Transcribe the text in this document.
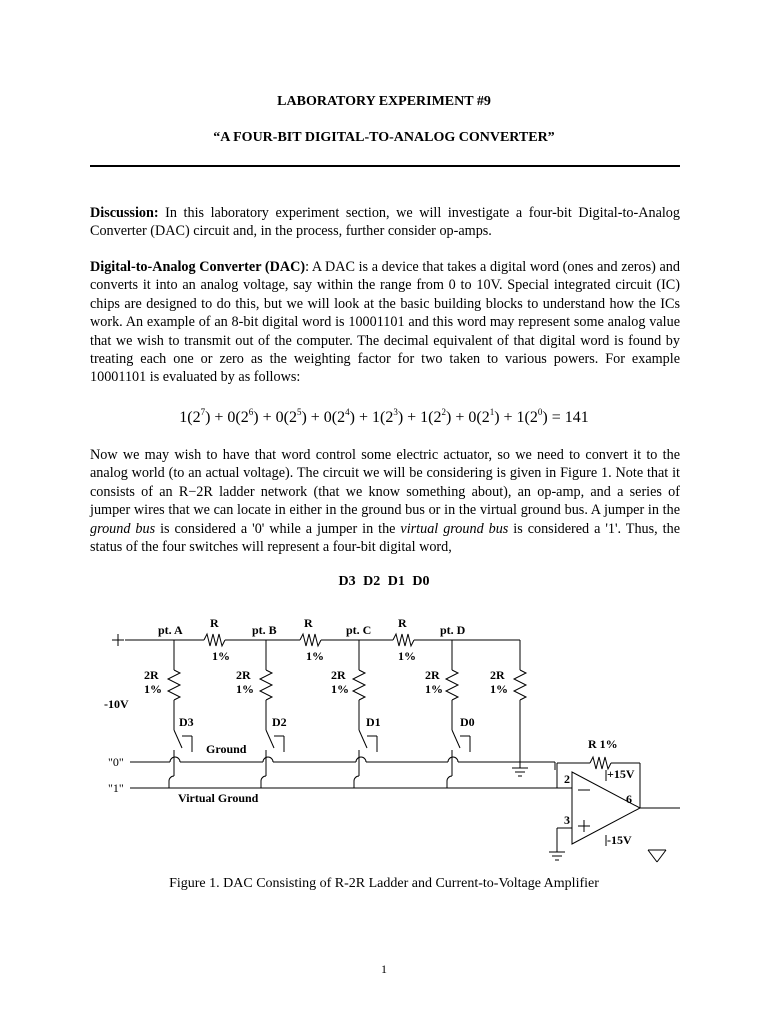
LABORATORY EXPERIMENT #9
“A FOUR-BIT DIGITAL-TO-ANALOG CONVERTER”
Discussion: In this laboratory experiment section, we will investigate a four-bit Digital-to-Analog Converter (DAC) circuit and, in the process, further consider op-amps.
Digital-to-Analog Converter (DAC): A DAC is a device that takes a digital word (ones and zeros) and converts it into an analog voltage, say within the range from 0 to 10V. Special integrated circuit (IC) chips are designed to do this, but we will look at the basic building blocks to understand how the ICs work. An example of an 8-bit digital word is 10001101 and this word may represent some analog value that we wish to transmit out of the computer. The decimal equivalent of that digital word is found by treating each one or zero as the weighting factor for two taken to various powers. For example 10001101 is evaluated by as follows:
$1(2^7) + 0(2^6) + 0(2^5) + 0(2^4) + 1(2^3) + 1(2^2) + 0(2^1) + 1(2^0) = 141$
Now we may wish to have that word control some electric actuator, so we need to convert it to the analog world (to an actual voltage). The circuit we will be considering is given in Figure 1. Note that it consists of an R−2R ladder network (that we know something about), an op-amp, and a series of jumper wires that we can locate in either in the ground bus or in the virtual ground bus. A jumper in the ground bus is considered a '0' while a jumper in the virtual ground bus is considered a '1'. Thus, the status of the four switches will represent a four-bit digital word,
D3 D2 D1 D0
-10V
"0"
"1"
Ground
Virtual Ground
pt. A	pt. B	pt. C	pt. D
R	R	R
1%	1%	1%
2R
1%
2R
1%
2R
1%
2R
1%
2R
1%
D3	D2	D1	D0
R 1%
+15V
-15V
2
3
6
Figure 1. DAC Consisting of R-2R Ladder and Current-to-Voltage Amplifier
1
